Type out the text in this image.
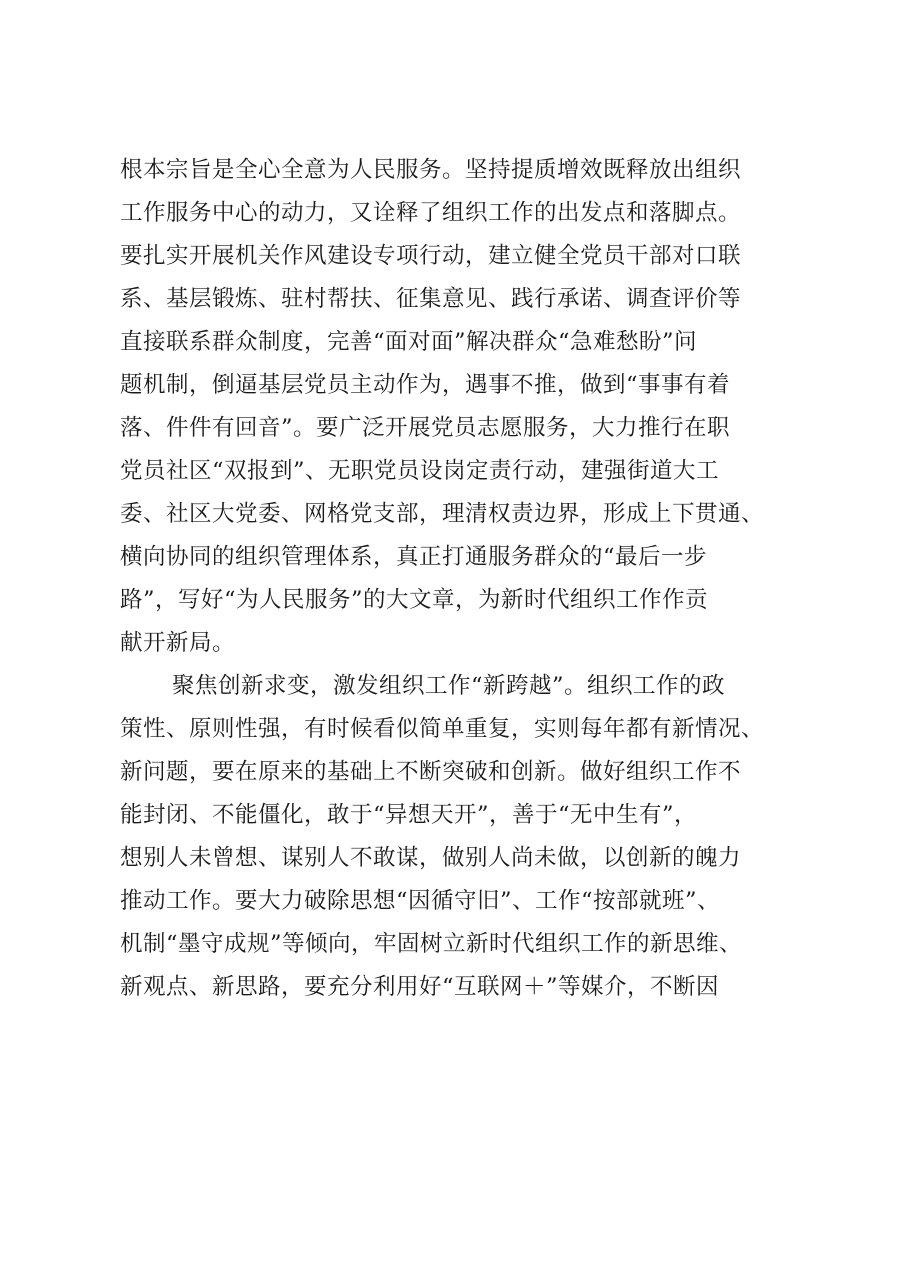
根本宗旨是全心全意为人民服务。坚持提质增效既释放出组织
工作服务中心的动力，又诠释了组织工作的出发点和落脚点。
要扎实开展机关作风建设专项行动，建立健全党员干部对口联
系、基层锻炼、驻村帮扶、征集意见、践行承诺、调查评价等
直接联系群众制度，完善“面对面”解决群众“急难愁盼”问
题机制，倒逼基层党员主动作为，遇事不推，做到“事事有着
落、件件有回音”。要广泛开展党员志愿服务，大力推行在职
党员社区“双报到”、无职党员设岗定责行动，建强街道大工
委、社区大党委、网格党支部，理清权责边界，形成上下贯通、
横向协同的组织管理体系，真正打通服务群众的“最后一步
路”，写好“为人民服务”的大文章，为新时代组织工作作贡
献开新局。
聚焦创新求变，激发组织工作“新跨越”。组织工作的政
策性、原则性强，有时候看似简单重复，实则每年都有新情况、
新问题，要在原来的基础上不断突破和创新。做好组织工作不
能封闭、不能僵化，敢于“异想天开”，善于“无中生有”，
想别人未曾想、谋别人不敢谋，做别人尚未做，以创新的魄力
推动工作。要大力破除思想“因循守旧”、工作“按部就班”、
机制“墨守成规”等倾向，牢固树立新时代组织工作的新思维、
新观点、新思路，要充分利用好“互联网＋”等媒介，不断因
